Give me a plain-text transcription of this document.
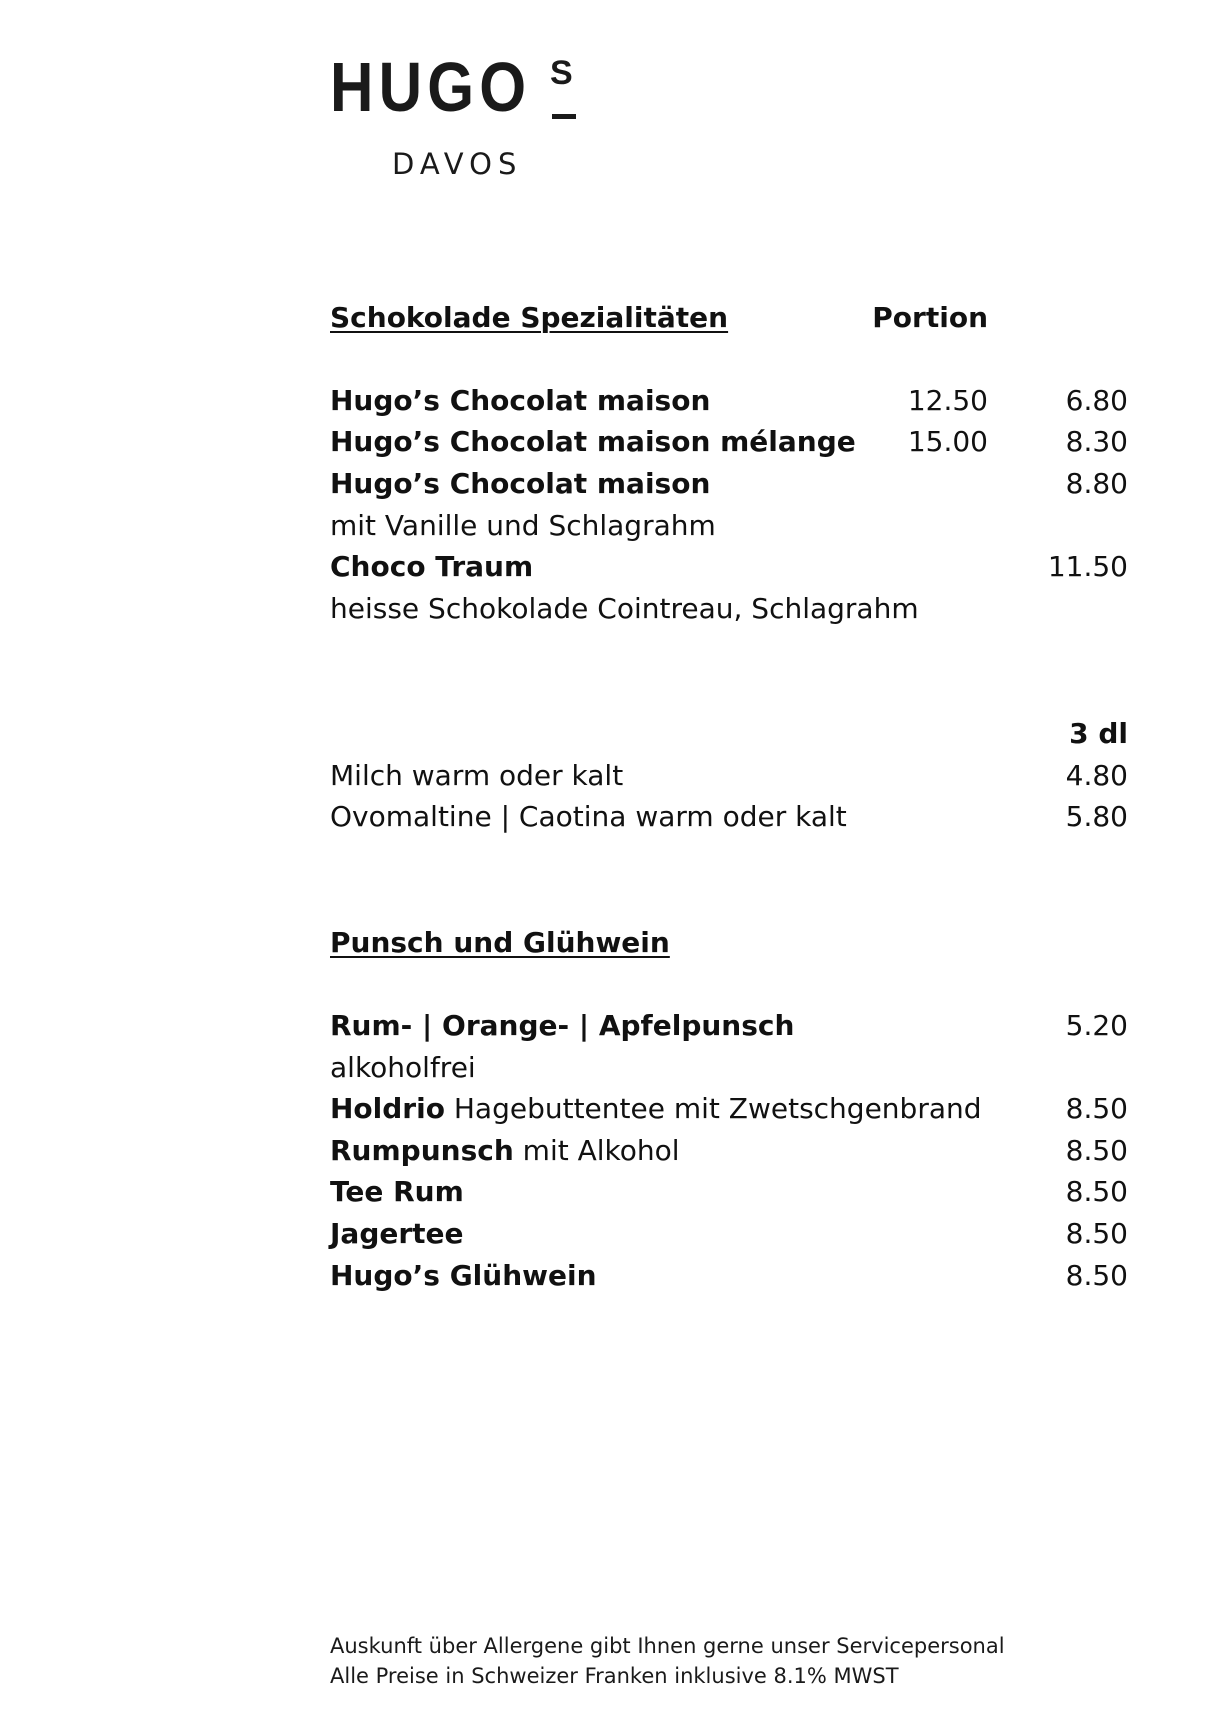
HUGO S
DAVOS
Schokolade Spezialitäten	Portion
Hugo’s Chocolat maison	12.50	6.80
Hugo’s Chocolat maison mélange 15.00	8.30
Hugo’s Chocolat maison	8.80
mit Vanille und Schlagrahm
Choco Traum	11.50
heisse Schokolade Cointreau, Schlagrahm
3 dl
Milch warm oder kalt	4.80
Ovomaltine | Caotina warm oder kalt	5.80
Punsch und Glühwein
Rum- | Orange- | Apfelpunsch	5.20
alkoholfrei
Holdrio Hagebuttentee mit Zwetschgenbrand	8.50
Rumpunsch mit Alkohol	8.50
Tee Rum	8.50
Jagertee	8.50
Hugo’s Glühwein	8.50
Auskunft über Allergene gibt Ihnen gerne unser Servicepersonal
Alle Preise in Schweizer Franken inklusive 8.1% MWST
